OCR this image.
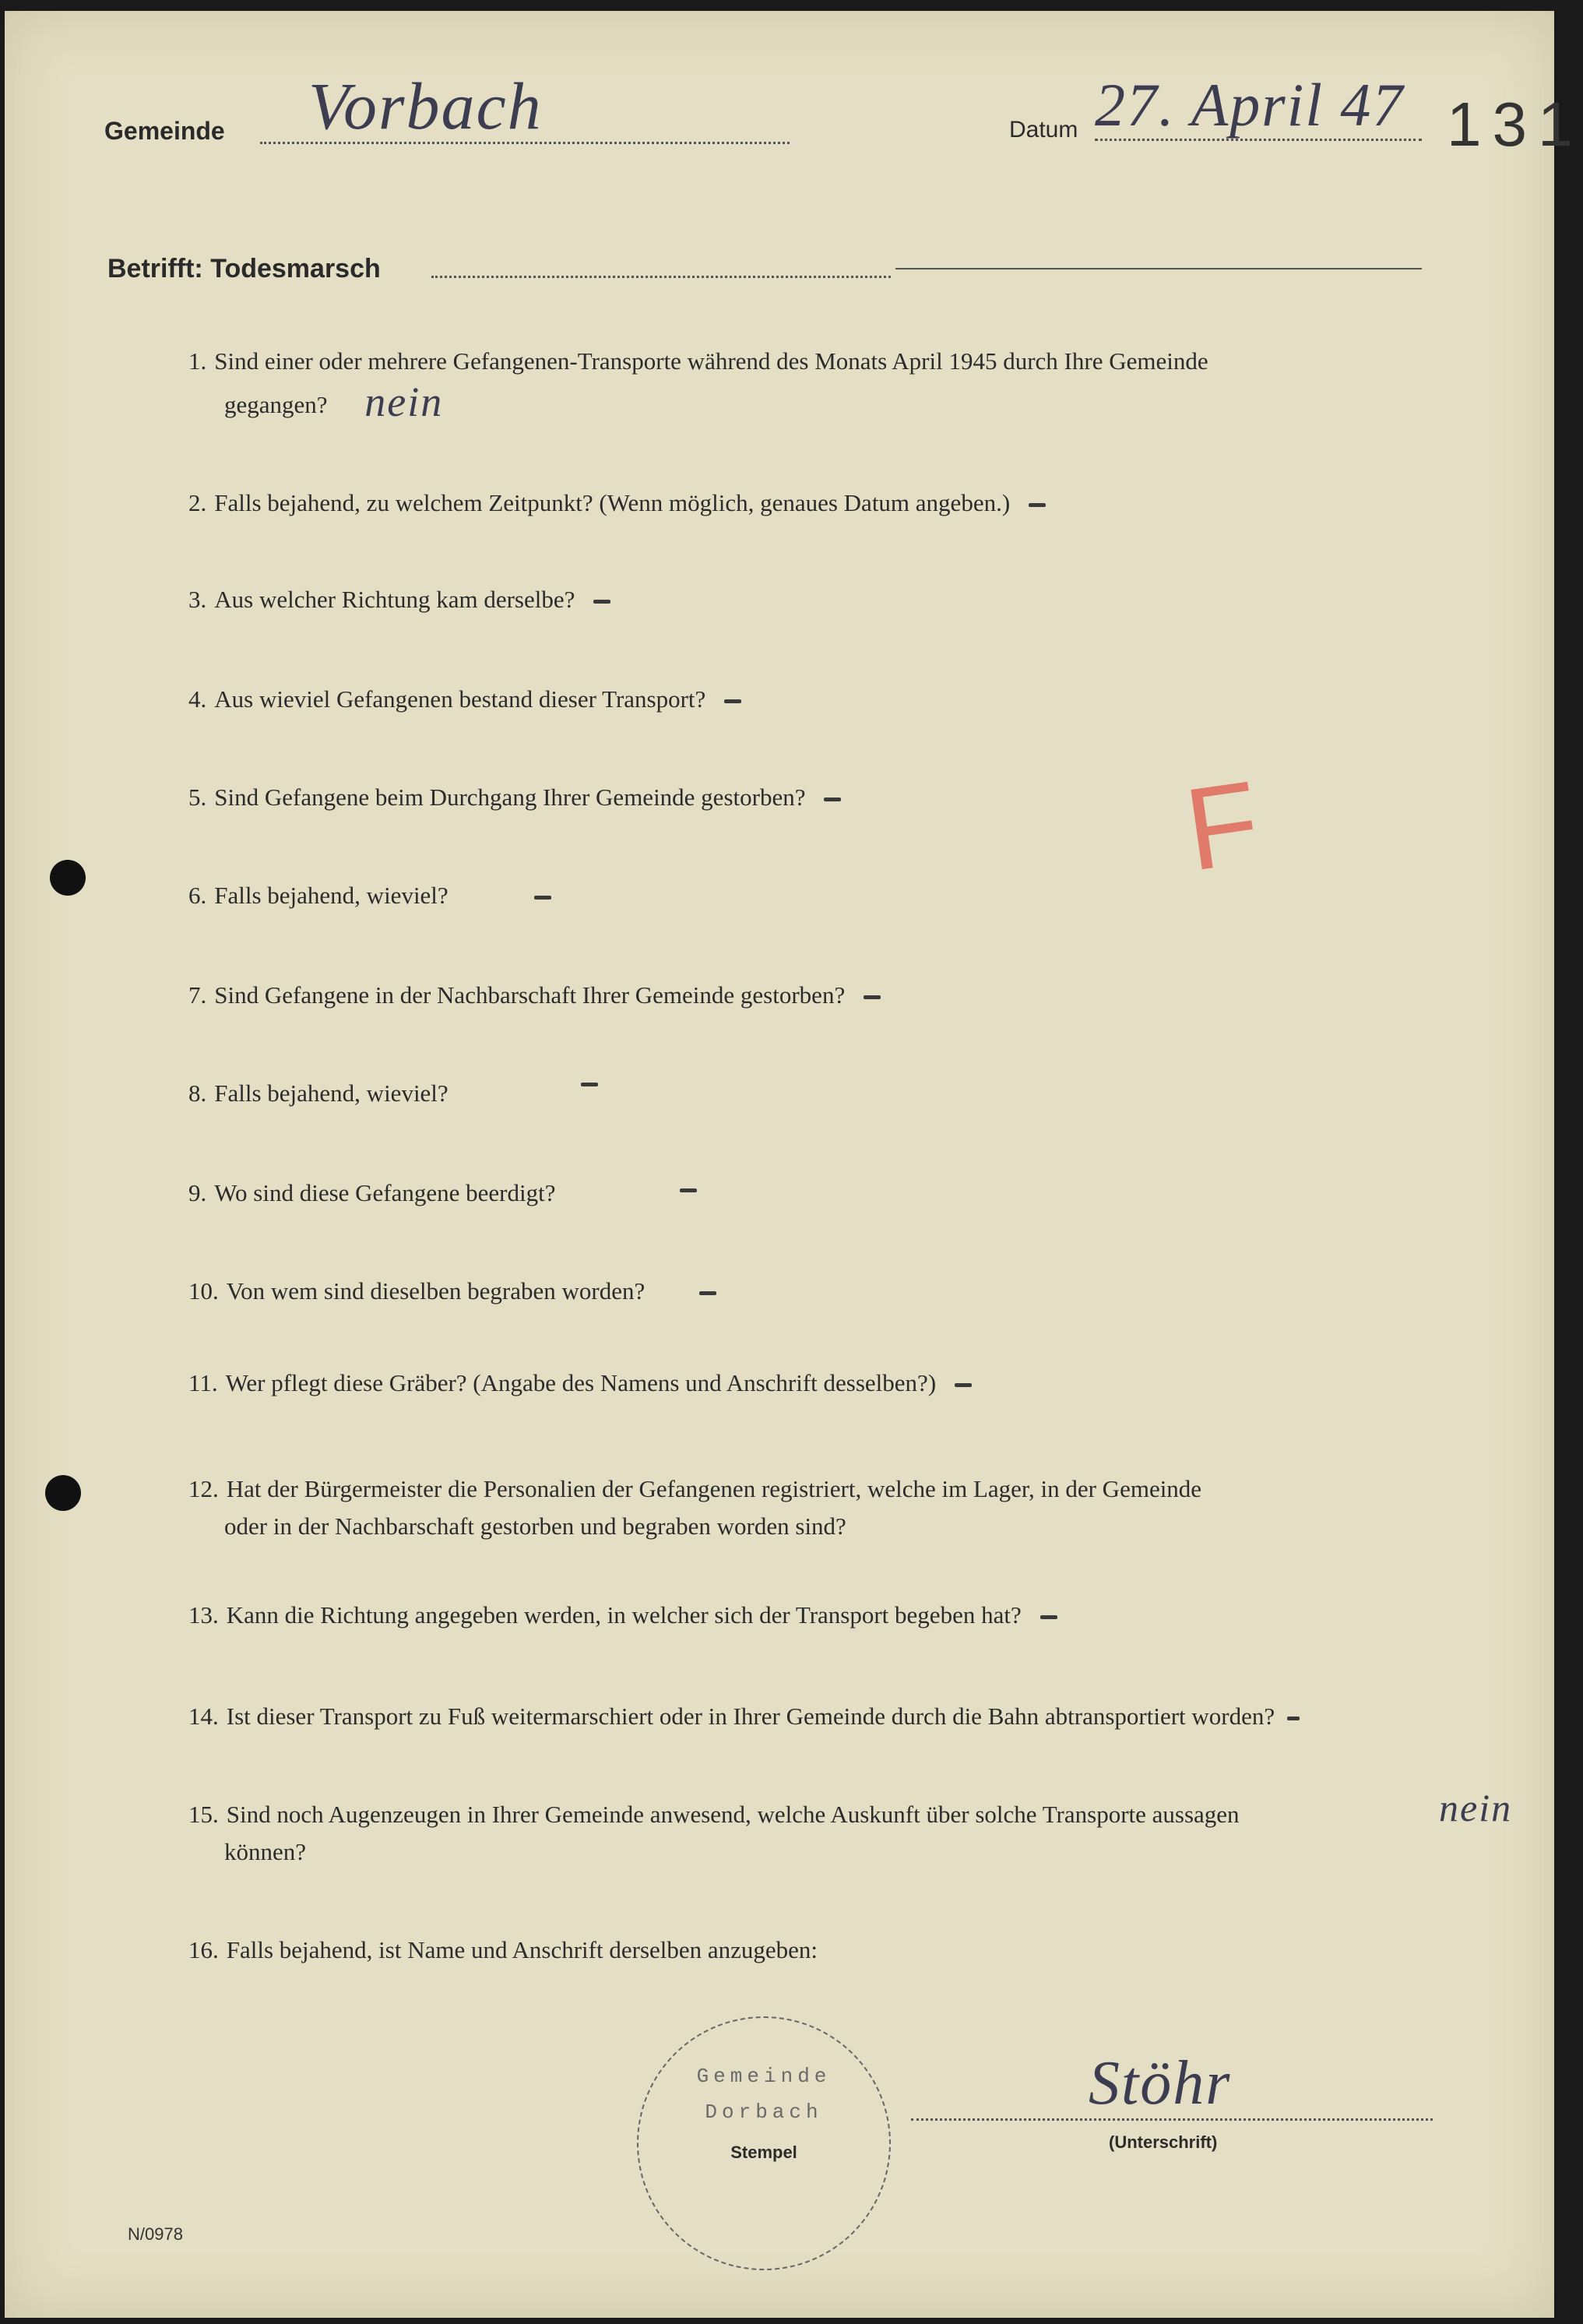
Gemeinde Vorbach	Datum 27. April 47 131
Betrifft: Todesmarsch
1. Sind einer oder mehrere Gefangenen-Transporte während des Monats April 1945 durch Ihre Gemeinde
gegangen? nein
2. Falls bejahend, zu welchem Zeitpunkt? (Wenn möglich, genaues Datum angeben.)
3. Aus welcher Richtung kam derselbe?
4. Aus wieviel Gefangenen bestand dieser Transport?
5. Sind Gefangene beim Durchgang Ihrer Gemeinde gestorben?
6. Falls bejahend, wieviel?
7. Sind Gefangene in der Nachbarschaft Ihrer Gemeinde gestorben?
8. Falls bejahend, wieviel?
9. Wo sind diese Gefangene beerdigt?
10. Von wem sind dieselben begraben worden?
11. Wer pflegt diese Gräber? (Angabe des Namens und Anschrift desselben?)
12. Hat der Bürgermeister die Personalien der Gefangenen registriert, welche im Lager, in der Gemeinde
oder in der Nachbarschaft gestorben und begraben worden sind?
13. Kann die Richtung angegeben werden, in welcher sich der Transport begeben hat?
14. Ist dieser Transport zu Fuß weitermarschiert oder in Ihrer Gemeinde durch die Bahn abtransportiert worden?
15. Sind noch Augenzeugen in Ihrer Gemeinde anwesend, welche Auskunft über solche Transporte aussagen
können?
nein
16. Falls bejahend, ist Name und Anschrift derselben anzugeben:
F
Gemeinde
Dorbach
Stempel
Stöhr
(Unterschrift)
N/0978
